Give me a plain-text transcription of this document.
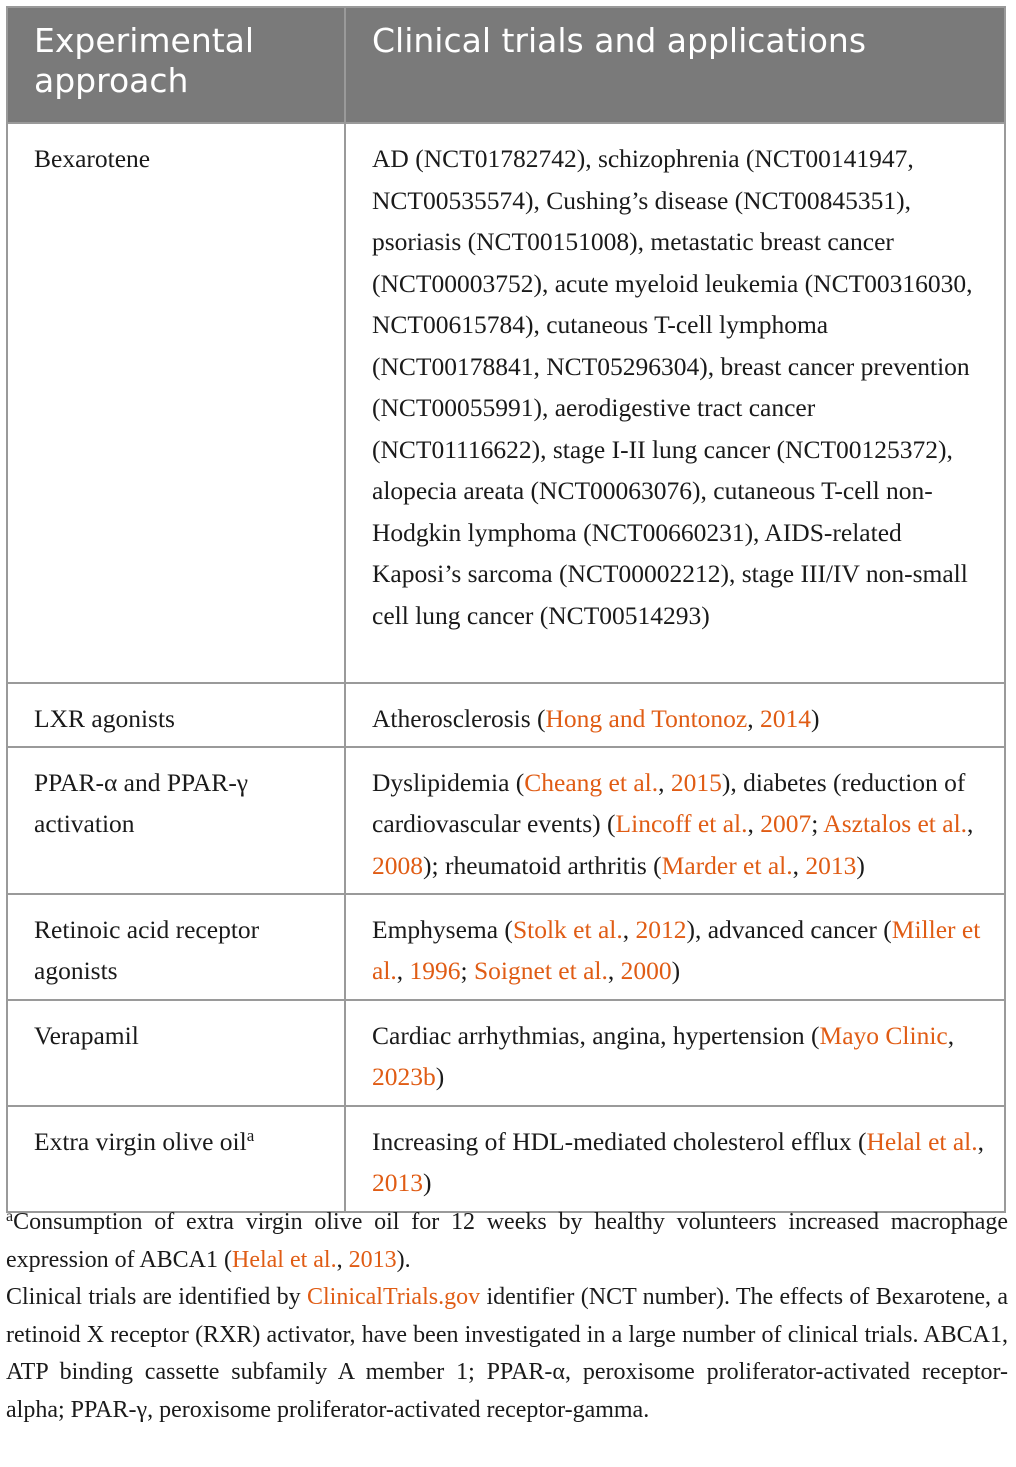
Experimental approach	Clinical trials and applications
Bexarotene	AD (NCT01782742), schizophrenia (NCT00141947, NCT00535574), Cushing’s disease (NCT00845351), psoriasis (NCT00151008), metastatic breast cancer (NCT00003752), acute myeloid leukemia (NCT00316030, NCT00615784), cutaneous T-cell lymphoma (NCT00178841, NCT05296304), breast cancer prevention (NCT00055991), aerodigestive tract cancer (NCT01116622), stage I-II lung cancer (NCT00125372), alopecia areata (NCT00063076), cutaneous T-cell non-Hodgkin lymphoma (NCT00660231), AIDS-related Kaposi’s sarcoma (NCT00002212), stage III/IV non-small cell lung cancer (NCT00514293)
LXR agonists	Atherosclerosis (Hong and Tontonoz, 2014)
PPAR-α and PPAR-γ activation	Dyslipidemia (Cheang et al., 2015), diabetes (reduction of cardiovascular events) (Lincoff et al., 2007; Asztalos et al., 2008); rheumatoid arthritis (Marder et al., 2013)
Retinoic acid receptor agonists	Emphysema (Stolk et al., 2012), advanced cancer (Miller et al., 1996; Soignet et al., 2000)
Verapamil	Cardiac arrhythmias, angina, hypertension (Mayo Clinic, 2023b)
Extra virgin olive oil$^a$	Increasing of HDL-mediated cholesterol efflux (Helal et al., 2013)

$^a$Consumption of extra virgin olive oil for 12 weeks by healthy volunteers increased macrophage expression of ABCA1 (Helal et al., 2013).

Clinical trials are identified by ClinicalTrials.gov identifier (NCT number). The effects of Bexarotene, a retinoid X receptor (RXR) activator, have been investigated in a large number of clinical trials. ABCA1, ATP binding cassette subfamily A member 1; PPAR-α, peroxisome proliferator-activated receptor-alpha; PPAR-γ, peroxisome proliferator-activated receptor-gamma.
